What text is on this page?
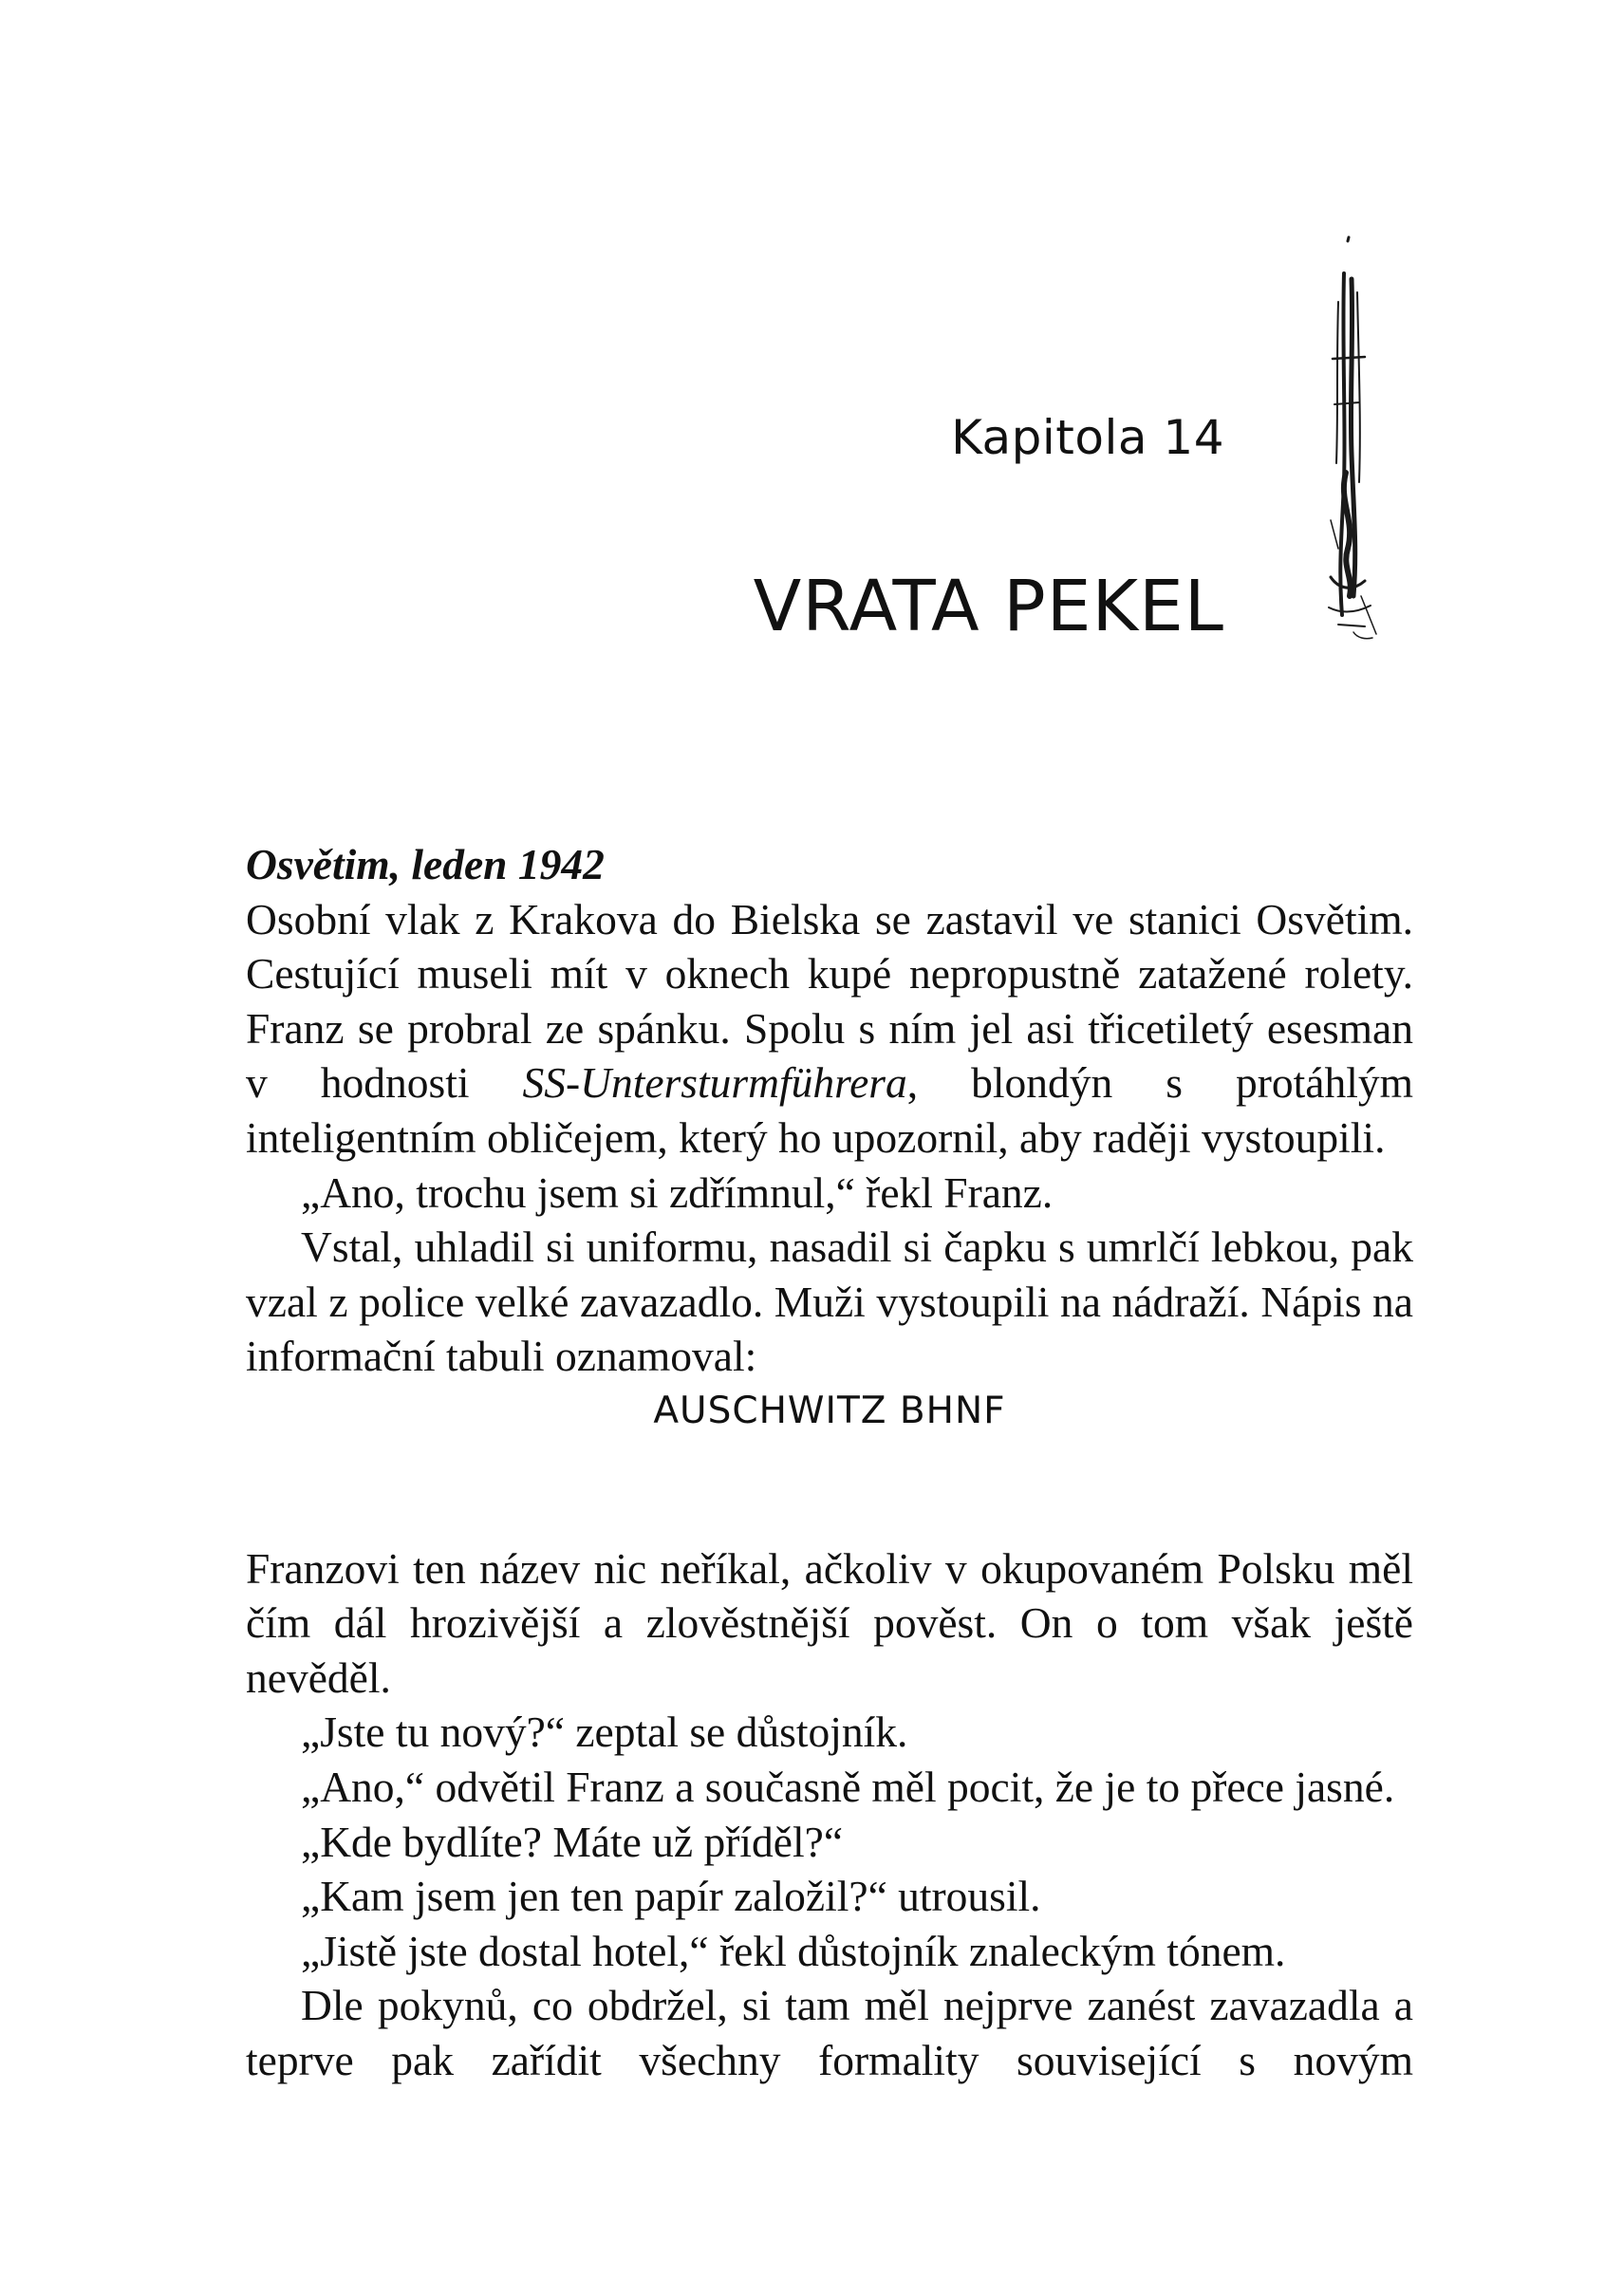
Kapitola 14
VRATA PEKEL

Osvětim, leden 1942

Osobní vlak z Krakova do Bielska se zastavil ve stanici Osvětim. Cestující museli mít v oknech kupé nepropustně zatažené rolety. Franz se probral ze spánku. Spolu s ním jel asi třicetiletý esesman v hodnosti SS-Untersturmführera, blondýn s protáhlým inteligentním obličejem, který ho upozornil, aby raději vystoupili.

„Ano, trochu jsem si zdřímnul,“ řekl Franz.

Vstal, uhladil si uniformu, nasadil si čapku s umrlčí lebkou, pak vzal z police velké zavazadlo. Muži vystoupili na nádraží. Nápis na informační tabuli oznamoval:

AUSCHWITZ BHNF

Franzovi ten název nic neříkal, ačkoliv v okupovaném Polsku měl čím dál hrozivější a zlověstnější pověst. On o tom však ještě nevěděl.

„Jste tu nový?“ zeptal se důstojník.

„Ano,“ odvětil Franz a současně měl pocit, že je to přece jasné.

„Kde bydlíte? Máte už příděl?“

„Kam jsem jen ten papír založil?“ utrousil.

„Jistě jste dostal hotel,“ řekl důstojník znaleckým tónem.

Dle pokynů, co obdržel, si tam měl nejprve zanést zavazadla a teprve pak zařídit všechny formality související s novým
